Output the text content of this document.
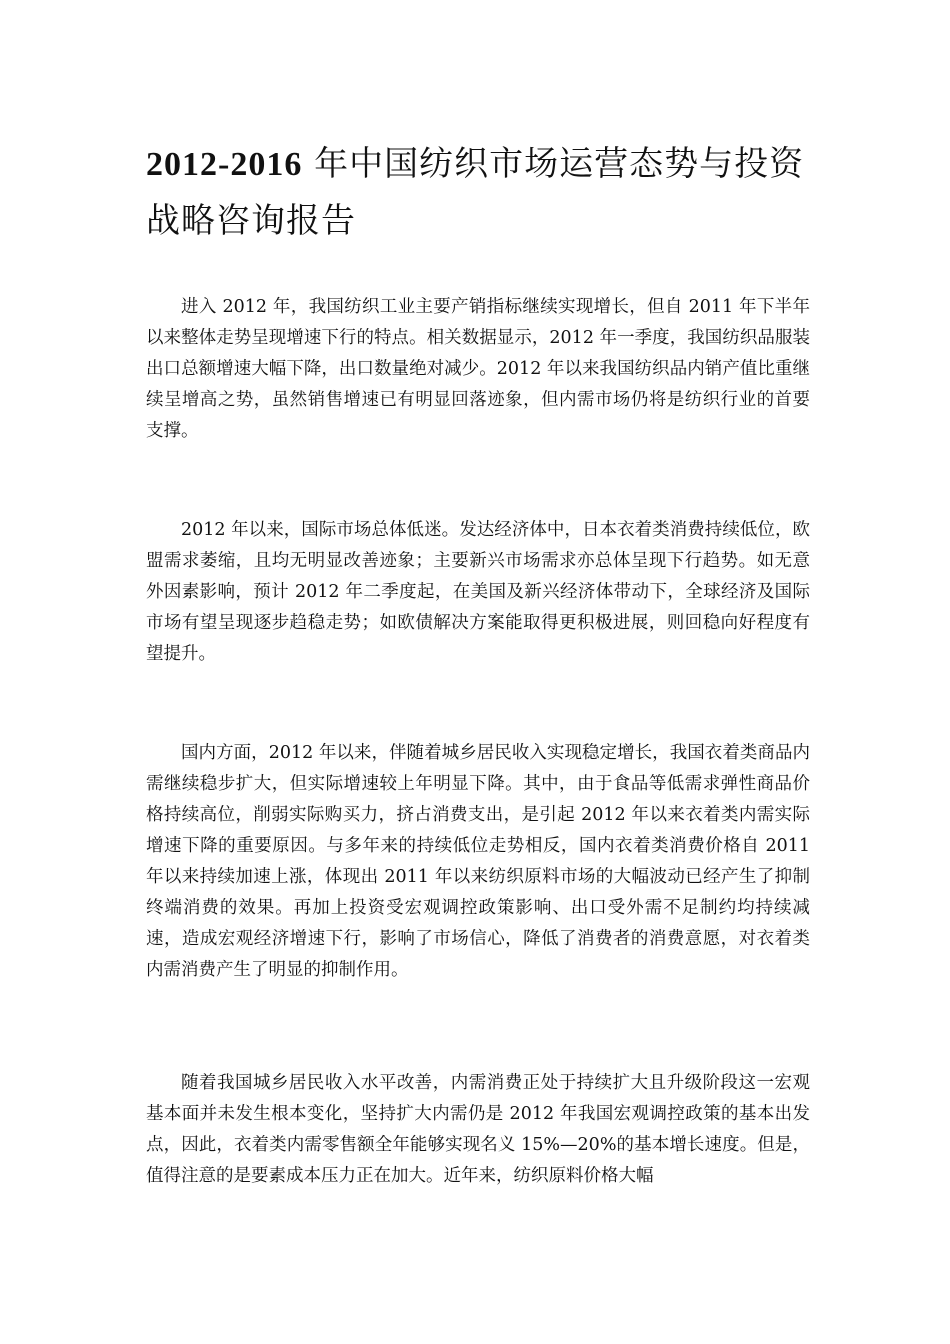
2012-2016 年中国纺织市场运营态势与投资战略咨询报告

进入 2012 年，我国纺织工业主要产销指标继续实现增长，但自 2011 年下半年以来整体走势呈现增速下行的特点。相关数据显示，2012 年一季度，我国纺织品服装出口总额增速大幅下降，出口数量绝对减少。2012 年以来我国纺织品内销产值比重继续呈增高之势，虽然销售增速已有明显回落迹象，但内需市场仍将是纺织行业的首要支撑。

2012 年以来，国际市场总体低迷。发达经济体中，日本衣着类消费持续低位，欧盟需求萎缩，且均无明显改善迹象；主要新兴市场需求亦总体呈现下行趋势。如无意外因素影响，预计 2012 年二季度起，在美国及新兴经济体带动下，全球经济及国际市场有望呈现逐步趋稳走势；如欧债解决方案能取得更积极进展，则回稳向好程度有望提升。

国内方面，2012 年以来，伴随着城乡居民收入实现稳定增长，我国衣着类商品内需继续稳步扩大，但实际增速较上年明显下降。其中，由于食品等低需求弹性商品价格持续高位，削弱实际购买力，挤占消费支出，是引起 2012 年以来衣着类内需实际增速下降的重要原因。与多年来的持续低位走势相反，国内衣着类消费价格自 2011 年以来持续加速上涨，体现出 2011 年以来纺织原料市场的大幅波动已经产生了抑制终端消费的效果。再加上投资受宏观调控政策影响、出口受外需不足制约均持续减速，造成宏观经济增速下行，影响了市场信心，降低了消费者的消费意愿，对衣着类内需消费产生了明显的抑制作用。

随着我国城乡居民收入水平改善，内需消费正处于持续扩大且升级阶段这一宏观基本面并未发生根本变化，坚持扩大内需仍是 2012 年我国宏观调控政策的基本出发点，因此，衣着类内需零售额全年能够实现名义 15%—20%的基本增长速度。但是，值得注意的是要素成本压力正在加大。近年来，纺织原料价格大幅
